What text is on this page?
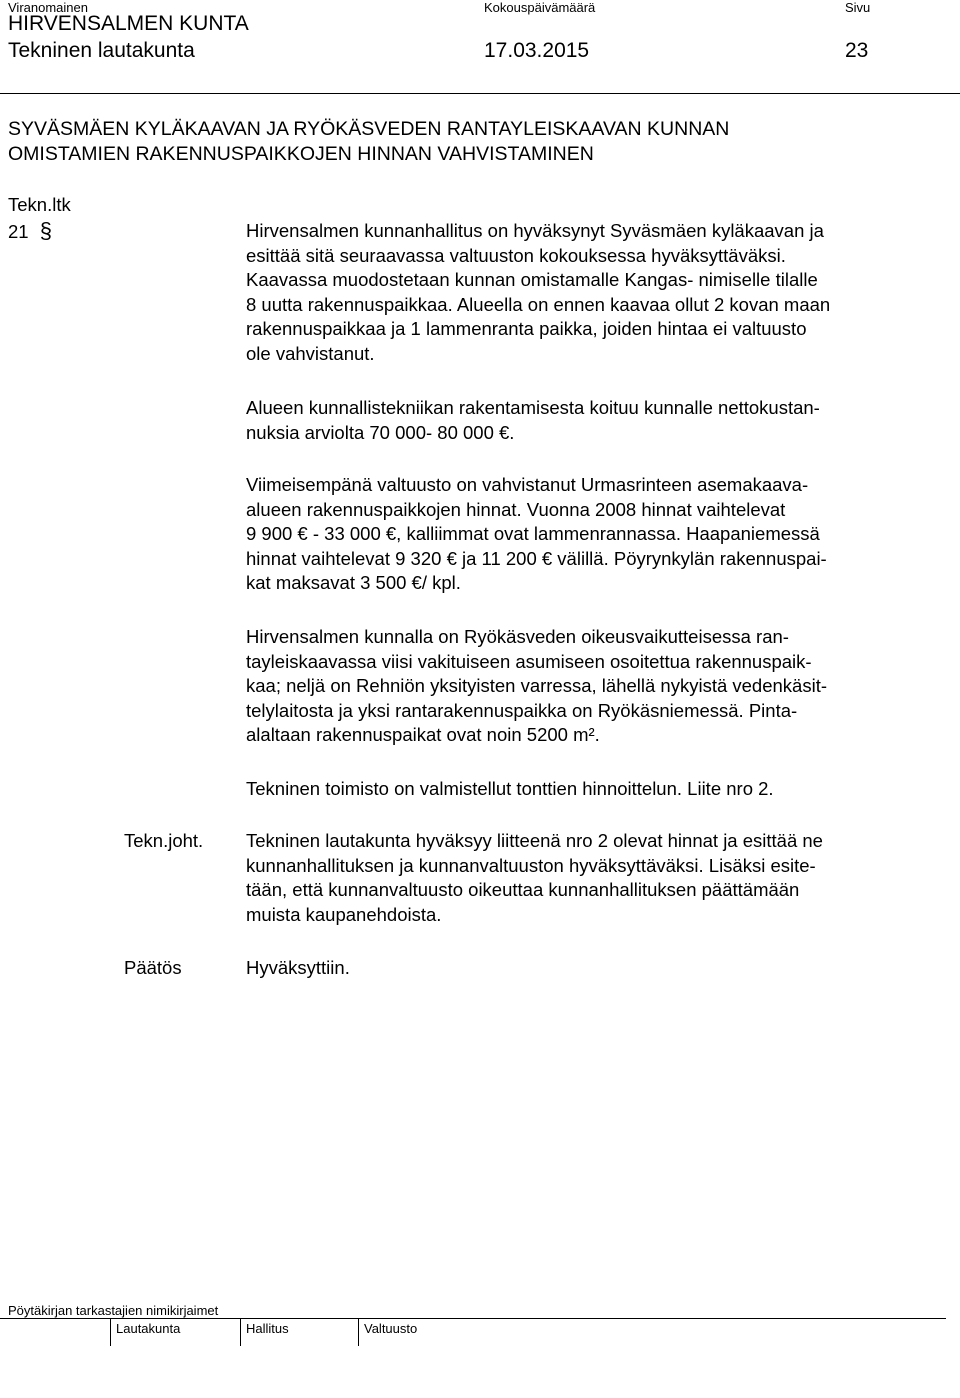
Viranomainen	Kokouspäivämäärä	Sivu
HIRVENSALMEN KUNTA
Tekninen lautakunta	17.03.2015	23
SYVÄSMÄEN KYLÄKAAVAN JA RYÖKÄSVEDEN RANTAYLEISKAAVAN KUNNAN
OMISTAMIEN RAKENNUSPAIKKOJEN HINNAN VAHVISTAMINEN
Tekn.ltk
21 §	Hirvensalmen kunnanhallitus on hyväksynyt Syväsmäen kyläkaavan ja
esittää sitä seuraavassa valtuuston kokouksessa hyväksyttäväksi.
Kaavassa muodostetaan kunnan omistamalle Kangas- nimiselle tilalle
8 uutta rakennuspaikkaa. Alueella on ennen kaavaa ollut 2 kovan maan
rakennuspaikkaa ja 1 lammenranta paikka, joiden hintaa ei valtuusto
ole vahvistanut.
Alueen kunnallistekniikan rakentamisesta koituu kunnalle nettokustan-
nuksia arviolta 70 000- 80 000 €.
Viimeisempänä valtuusto on vahvistanut Urmasrinteen asemakaava-
alueen rakennuspaikkojen hinnat. Vuonna 2008 hinnat vaihtelevat
9 900 € - 33 000 €, kalliimmat ovat lammenrannassa. Haapaniemessä
hinnat vaihtelevat 9 320 € ja 11 200 € välillä. Pöyrynkylän rakennuspai-
kat maksavat 3 500 €/ kpl.
Hirvensalmen kunnalla on Ryökäsveden oikeusvaikutteisessa ran-
tayleiskaavassa viisi vakituiseen asumiseen osoitettua rakennuspaik-
kaa; neljä on Rehniön yksityisten varressa, lähellä nykyistä vedenkäsit-
telylaitosta ja yksi rantarakennuspaikka on Ryökäsniemessä. Pinta-
alaltaan rakennuspaikat ovat noin 5200 m².
Tekninen toimisto on valmistellut tonttien hinnoittelun. Liite nro 2.
Tekn.joht. Tekninen lautakunta hyväksyy liitteenä nro 2 olevat hinnat ja esittää ne
kunnanhallituksen ja kunnanvaltuuston hyväksyttäväksi. Lisäksi esite-
tään, että kunnanvaltuusto oikeuttaa kunnanhallituksen päättämään
muista kaupanehdoista.
Päätös	Hyväksyttiin.
Pöytäkirjan tarkastajien nimikirjaimet
Lautakunta	Hallitus	Valtuusto
